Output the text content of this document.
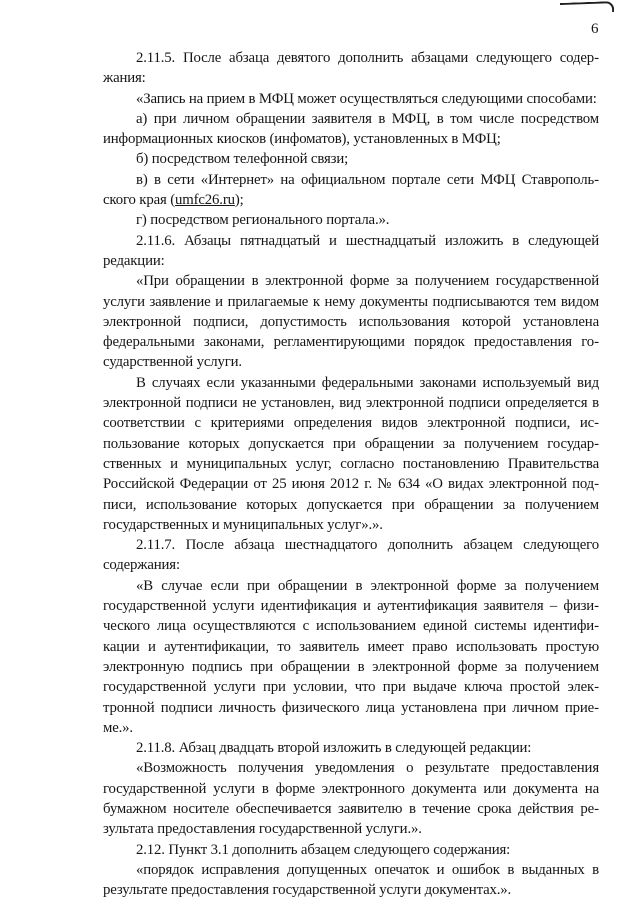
6

2.11.5. После абзаца девятого дополнить абзацами следующего содержания:

«Запись на прием в МФЦ может осуществляться следующими способами:

а) при личном обращении заявителя в МФЦ, в том числе посредством информационных киосков (инфоматов), установленных в МФЦ;

б) посредством телефонной связи;

в) в сети «Интернет» на официальном портале сети МФЦ Ставропольского края (umfc26.ru);

г) посредством регионального портала.».

2.11.6. Абзацы пятнадцатый и шестнадцатый изложить в следующей редакции:

«При обращении в электронной форме за получением государственной услуги заявление и прилагаемые к нему документы подписываются тем видом электронной подписи, допустимость использования которой установлена федеральными законами, регламентирующими порядок предоставления государственной услуги.

В случаях если указанными федеральными законами используемый вид электронной подписи не установлен, вид электронной подписи определяется в соответствии с критериями определения видов электронной подписи, использование которых допускается при обращении за получением государственных и муниципальных услуг, согласно постановлению Правительства Российской Федерации от 25 июня 2012 г. № 634 «О видах электронной подписи, использование которых допускается при обращении за получением государственных и муниципальных услуг».».

2.11.7. После абзаца шестнадцатого дополнить абзацем следующего содержания:

«В случае если при обращении в электронной форме за получением государственной услуги идентификация и аутентификация заявителя – физического лица осуществляются с использованием единой системы идентификации и аутентификации, то заявитель имеет право использовать простую электронную подпись при обращении в электронной форме за получением государственной услуги при условии, что при выдаче ключа простой электронной подписи личность физического лица установлена при личном приеме.».

2.11.8. Абзац двадцать второй изложить в следующей редакции:

«Возможность получения уведомления о результате предоставления государственной услуги в форме электронного документа или документа на бумажном носителе обеспечивается заявителю в течение срока действия результата предоставления государственной услуги.».

2.12. Пункт 3.1 дополнить абзацем следующего содержания:

«порядок исправления допущенных опечаток и ошибок в выданных в результате предоставления государственной услуги документах.».
